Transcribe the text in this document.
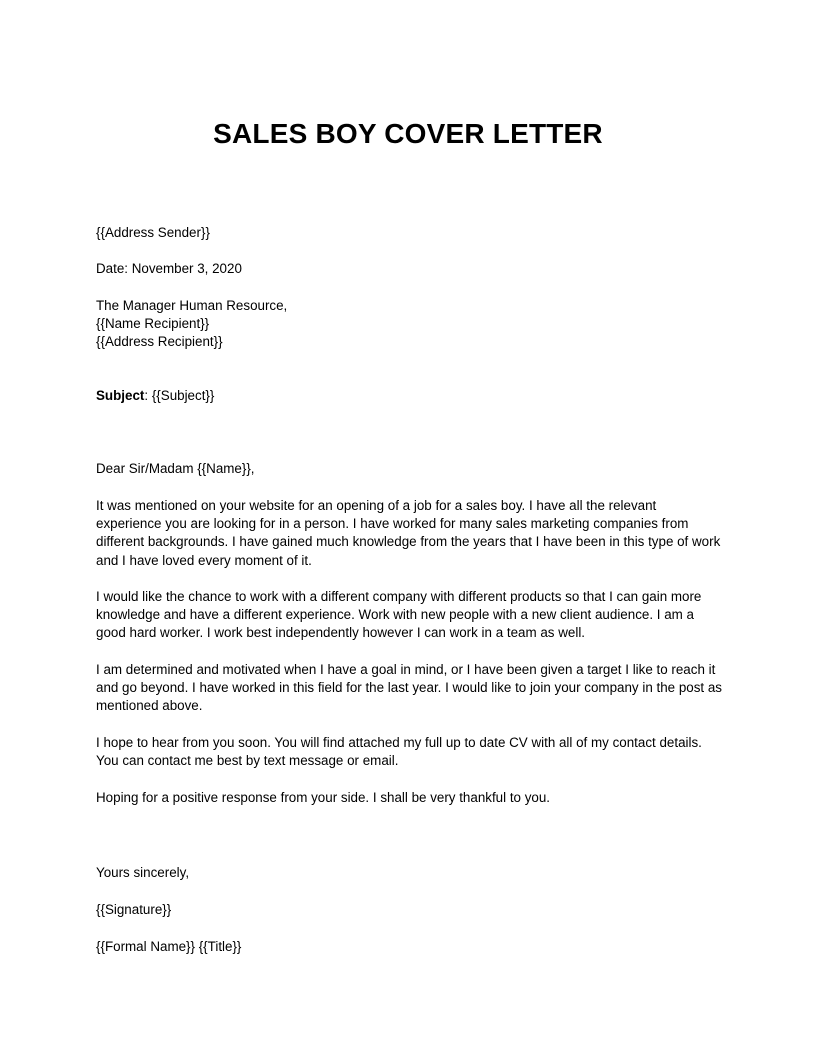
SALES BOY COVER LETTER

{{Address Sender}}

Date: November 3, 2020

The Manager Human Resource,

{{Name Recipient}}

{{Address Recipient}}

Subject: {{Subject}}

Dear Sir/Madam {{Name}},

It was mentioned on your website for an opening of a job for a sales boy. I have all the relevant experience you are looking for in a person. I have worked for many sales marketing companies from different backgrounds. I have gained much knowledge from the years that I have been in this type of work and I have loved every moment of it.

I would like the chance to work with a different company with different products so that I can gain more knowledge and have a different experience. Work with new people with a new client audience. I am a good hard worker. I work best independently however I can work in a team as well.

I am determined and motivated when I have a goal in mind, or I have been given a target I like to reach it and go beyond. I have worked in this field for the last year. I would like to join your company in the post as mentioned above.

I hope to hear from you soon. You will find attached my full up to date CV with all of my contact details. You can contact me best by text message or email.

Hoping for a positive response from your side. I shall be very thankful to you.

Yours sincerely,

{{Signature}}

{{Formal Name}} {{Title}}
